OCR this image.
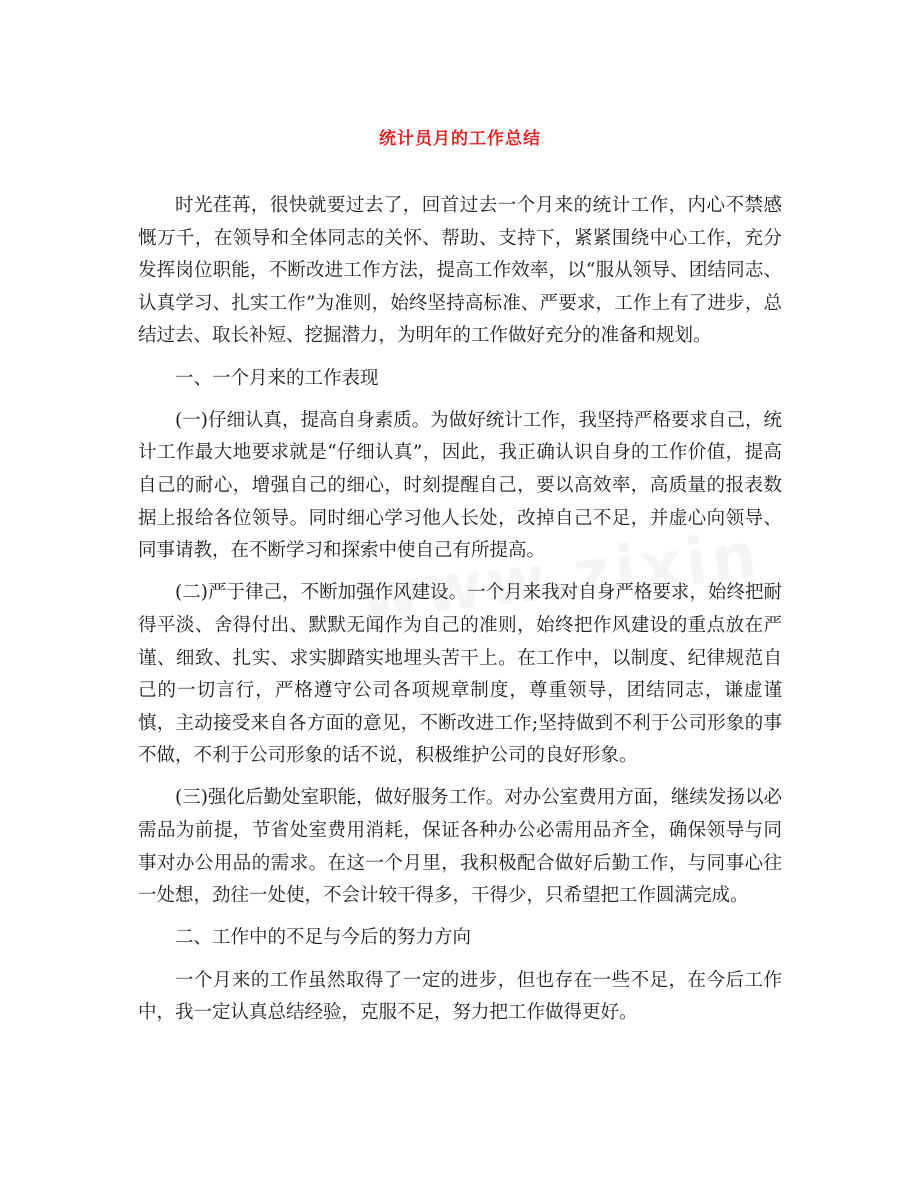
统计员月的工作总结

时光荏苒，很快就要过去了，回首过去一个月来的统计工作，内心不禁感慨万千，在领导和全体同志的关怀、帮助、支持下，紧紧围绕中心工作，充分发挥岗位职能，不断改进工作方法，提高工作效率，以“服从领导、团结同志、认真学习、扎实工作”为准则，始终坚持高标准、严要求，工作上有了进步，总结过去、取长补短、挖掘潜力，为明年的工作做好充分的准备和规划。

一、一个月来的工作表现

(一)仔细认真，提高自身素质。为做好统计工作，我坚持严格要求自己，统计工作最大地要求就是“仔细认真”，因此，我正确认识自身的工作价值，提高自己的耐心，增强自己的细心，时刻提醒自己，要以高效率，高质量的报表数据上报给各位领导。同时细心学习他人长处，改掉自己不足，并虚心向领导、同事请教，在不断学习和探索中使自己有所提高。

(二)严于律己，不断加强作风建设。一个月来我对自身严格要求，始终把耐得平淡、舍得付出、默默无闻作为自己的准则，始终把作风建设的重点放在严谨、细致、扎实、求实脚踏实地埋头苦干上。在工作中，以制度、纪律规范自己的一切言行，严格遵守公司各项规章制度，尊重领导，团结同志，谦虚谨慎，主动接受来自各方面的意见，不断改进工作;坚持做到不利于公司形象的事不做，不利于公司形象的话不说，积极维护公司的良好形象。

(三)强化后勤处室职能，做好服务工作。对办公室费用方面，继续发扬以必需品为前提，节省处室费用消耗，保证各种办公必需用品齐全，确保领导与同事对办公用品的需求。在这一个月里，我积极配合做好后勤工作，与同事心往一处想，劲往一处使，不会计较干得多，干得少，只希望把工作圆满完成。

二、工作中的不足与今后的努力方向

一个月来的工作虽然取得了一定的进步，但也存在一些不足，在今后工作中，我一定认真总结经验，克服不足，努力把工作做得更好。
